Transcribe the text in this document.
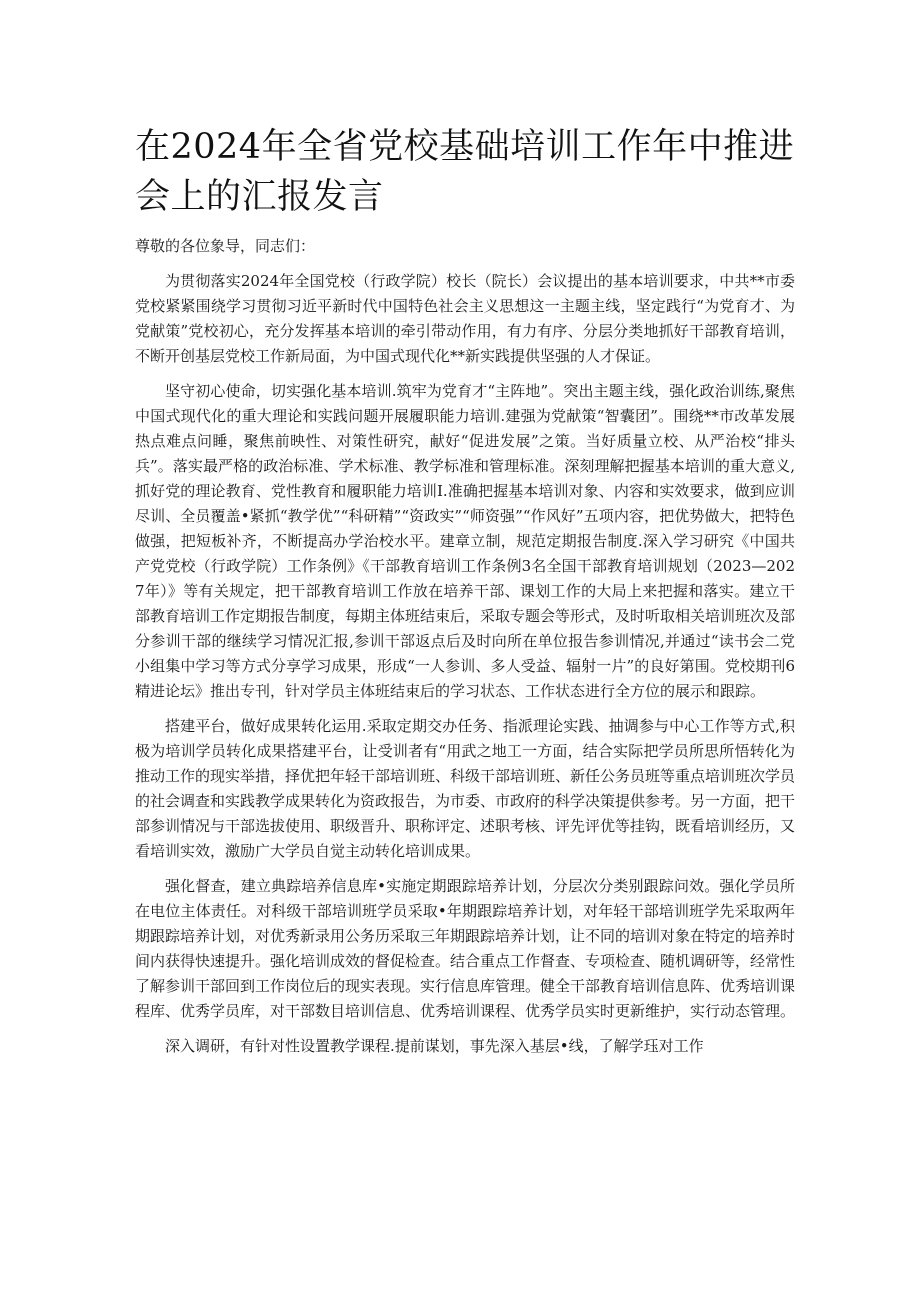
在2024年全省党校基础培训工作年中推进会上的汇报发言

尊敬的各位象导，同志们：

为贯彻落实2024年全国党校（行政学院）校长（院长）会议提出的基本培训要求，中共**市委党校紧紧围绕学习贯彻习近平新时代中国特色社会主义思想这一主题主线，坚定践行“为党育才、为党献策”党校初心，充分发挥基本培训的牵引带动作用，有力有序、分层分类地抓好干部教育培训，不断开创基层党校工作新局面，为中国式现代化**新实践提供坚强的人才保证。

坚守初心使命，切实强化基本培训.筑牢为党育才“主阵地”。突出主题主线，强化政治训练,聚焦中国式现代化的重大理论和实践问题开展履职能力培训.建强为党献策“智囊团”。围绕**市改革发展热点难点问睡，聚焦前映性、对策性研究，献好“促进发展”之策。当好质量立校、从严治校“排头兵”。落实最严格的政治标准、学术标准、教学标准和管理标准。深刻理解把握基本培训的重大意义,抓好党的理论教育、党性教育和履职能力培训I.准确把握基本培训对象、内容和实效要求，做到应训尽训、全员覆盖•紧抓“教学优”“科研精”“资政实”“师资强”“作风好”五项内容，把优势做大，把特色做强，把短板补齐，不断提高办学治校水平。建章立制，规范定期报告制度.深入学习研究《中国共产党党校（行政学院）工作条例》《干部教育培训工作条例3名全国干部教育培训规划（2023—2027年）》等有关规定，把干部教育培训工作放在培养干部、课划工作的大局上来把握和落实。建立干部教育培训工作定期报告制度，每期主体班结束后，采取专题会等形式，及时听取相关培训班次及部分参训干部的继续学习情况汇报,参训干部返点后及时向所在单位报告参训情况,并通过“读书会二党小组集中学习等方式分享学习成果，形成“一人参训、多人受益、辐射一片”的良好第围。党校期刊6精进论坛》推出专刊，针对学员主体班结束后的学习状态、工作状态进行全方位的展示和跟踪。

搭建平台，做好成果转化运用.采取定期交办任务、指派理论实践、抽调参与中心工作等方式,积极为培训学员转化成果搭建平台，让受训者有“用武之地工一方面，结合实际把学员所思所悟转化为推动工作的现实举措，择优把年轻干部培训班、科级干部培训班、新任公务员班等重点培训班次学员的社会调查和实践教学成果转化为资政报告，为市委、市政府的科学决策提供参考。另一方面，把干部参训情况与干部选拔使用、职级晋升、职称评定、述职考核、评先评优等挂钩，既看培训经历，又看培训实效，激励广大学员自觉主动转化培训成果。

强化督查，建立典踪培养信息库•实施定期跟踪培养计划，分层次分类别跟踪问效。强化学员所在电位主体责任。对科级干部培训班学员采取•年期跟踪培养计划，对年轻干部培训班学先采取两年期跟踪培养计划，对优秀新录用公务历采取三年期跟踪培养计划，让不同的培训对象在特定的培养时间内获得快速提升。强化培训成效的督促检查。结合重点工作督查、专项检查、随机调研等，经常性了解参训干部回到工作岗位后的现实表现。实行信息库管理。健全干部教育培训信息阵、优秀培训课程库、优秀学员库，对干部数目培训信息、优秀培训课程、优秀学员实时更新维护，实行动态管理。

深入调研，有针对性设置教学课程.提前谋划，事先深入基层•线，了解学珏对工作
